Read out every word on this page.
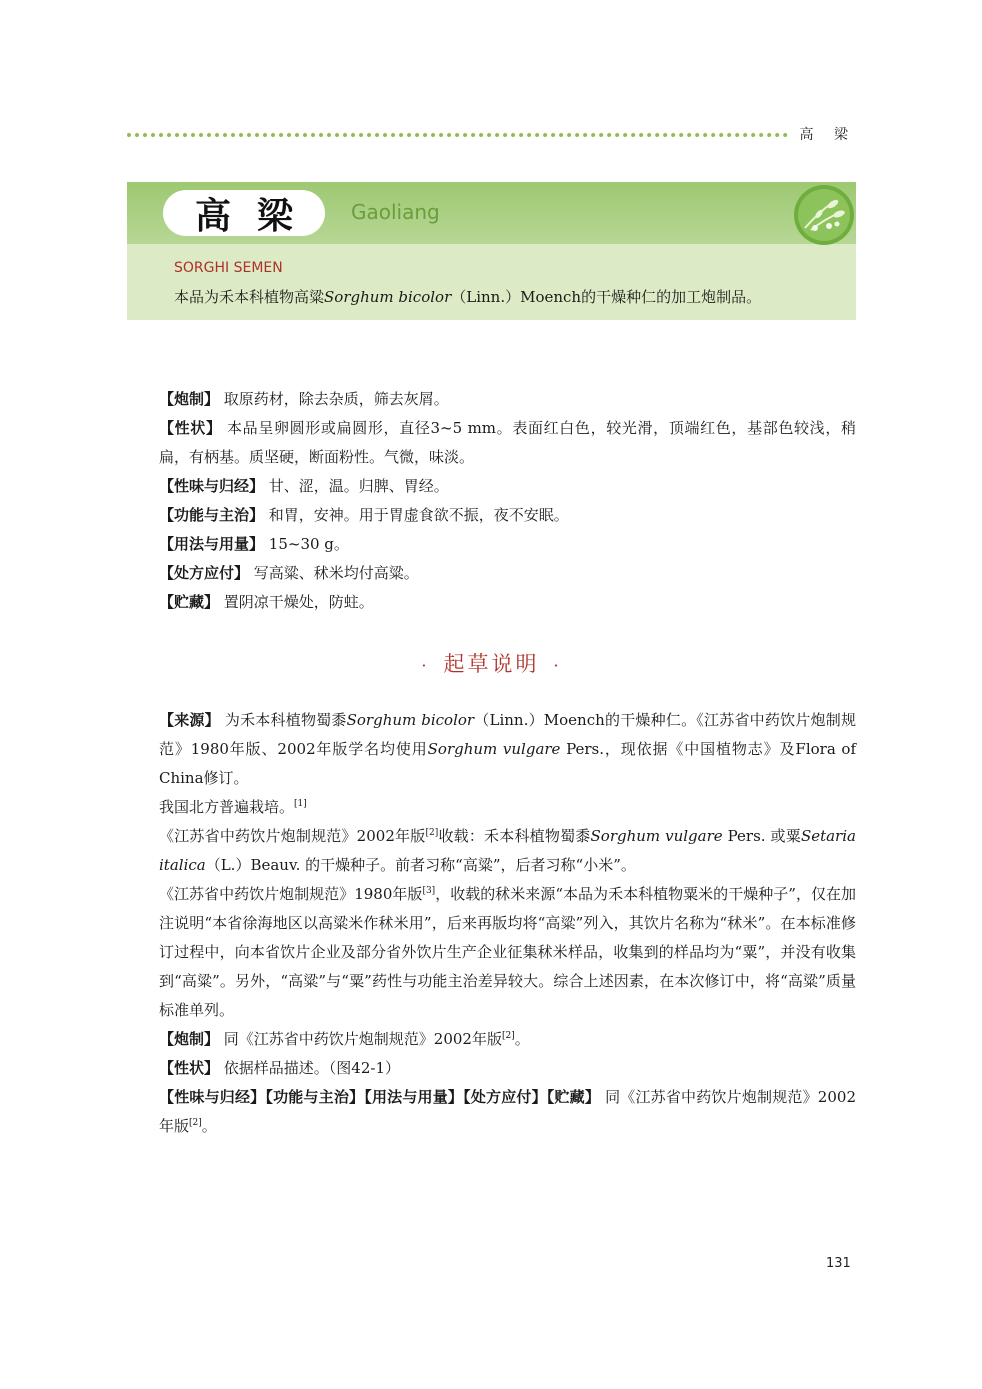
高 梁
高梁	Gaoliang
SORGHI SEMEN
本品为禾本科植物高粱Sorghum bicolor（Linn.）Moench的干燥种仁的加工炮制品。

【炮制】 取原药材，除去杂质，筛去灰屑。

【性状】 本品呈卵圆形或扁圆形，直径3~5 mm。表面红白色，较光滑，顶端红色，基部色较浅，稍扁，有柄基。质坚硬，断面粉性。气微，味淡。

【性味与归经】 甘、涩，温。归脾、胃经。

【功能与主治】 和胃，安神。用于胃虚食欲不振，夜不安眠。

【用法与用量】 15~30 g。

【处方应付】 写高粱、秫米均付高粱。

【贮藏】 置阴凉干燥处，防蛀。

· 起草说明 ·

【来源】 为禾本科植物蜀黍Sorghum bicolor（Linn.）Moench的干燥种仁。《江苏省中药饮片炮制规范》1980年版、2002年版学名均使用Sorghum vulgare Pers.，现依据《中国植物志》及Flora of China修订。

我国北方普遍栽培。[1]

《江苏省中药饮片炮制规范》2002年版[2]收载：禾本科植物蜀黍Sorghum vulgare Pers. 或粟Setaria italica（L.）Beauv. 的干燥种子。前者习称“高粱”，后者习称“小米”。

《江苏省中药饮片炮制规范》1980年版[3]，收载的秫米来源“本品为禾本科植物粟米的干燥种子”，仅在加注说明“本省徐海地区以高粱米作秫米用”，后来再版均将“高粱”列入，其饮片名称为“秫米”。在本标准修订过程中，向本省饮片企业及部分省外饮片生产企业征集秫米样品，收集到的样品均为“粟”，并没有收集到“高粱”。另外，“高粱”与“粟”药性与功能主治差异较大。综合上述因素，在本次修订中，将“高粱”质量标准单列。

【炮制】 同《江苏省中药饮片炮制规范》2002年版[2]。

【性状】 依据样品描述。（图42-1）

【性味与归经】【功能与主治】【用法与用量】【处方应付】【贮藏】 同《江苏省中药饮片炮制规范》2002年版[2]。

131
